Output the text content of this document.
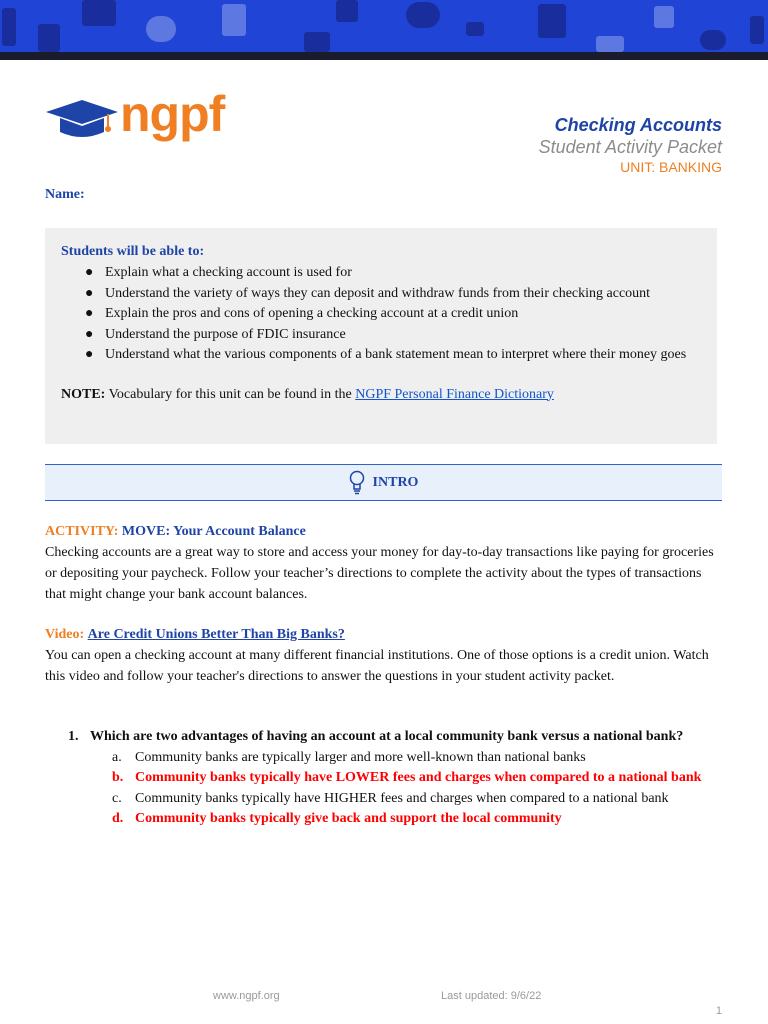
ngpf	Checking Accounts
Student Activity Packet
UNIT: BANKING
Name:
Students will be able to:
● Explain what a checking account is used for
● Understand the variety of ways they can deposit and withdraw funds from their checking account
● Explain the pros and cons of opening a checking account at a credit union
● Understand the purpose of FDIC insurance
● Understand what the various components of a bank statement mean to interpret where their money goes
NOTE: Vocabulary for this unit can be found in the NGPF Personal Finance Dictionary
INTRO
ACTIVITY: MOVE: Your Account Balance
Checking accounts are a great way to store and access your money for day-to-day transactions like paying for groceries or depositing your paycheck. Follow your teacher’s directions to complete the activity about the types of transactions that might change your bank account balances.
Video: Are Credit Unions Better Than Big Banks?
You can open a checking account at many different financial institutions. One of those options is a credit union. Watch this video and follow your teacher's directions to answer the questions in your student activity packet.
1. Which are two advantages of having an account at a local community bank versus a national bank?
a. Community banks are typically larger and more well-known than national banks
b. Community banks typically have LOWER fees and charges when compared to a national bank
c. Community banks typically have HIGHER fees and charges when compared to a national bank
d. Community banks typically give back and support the local community
www.ngpf.org	Last updated: 9/6/22
1
